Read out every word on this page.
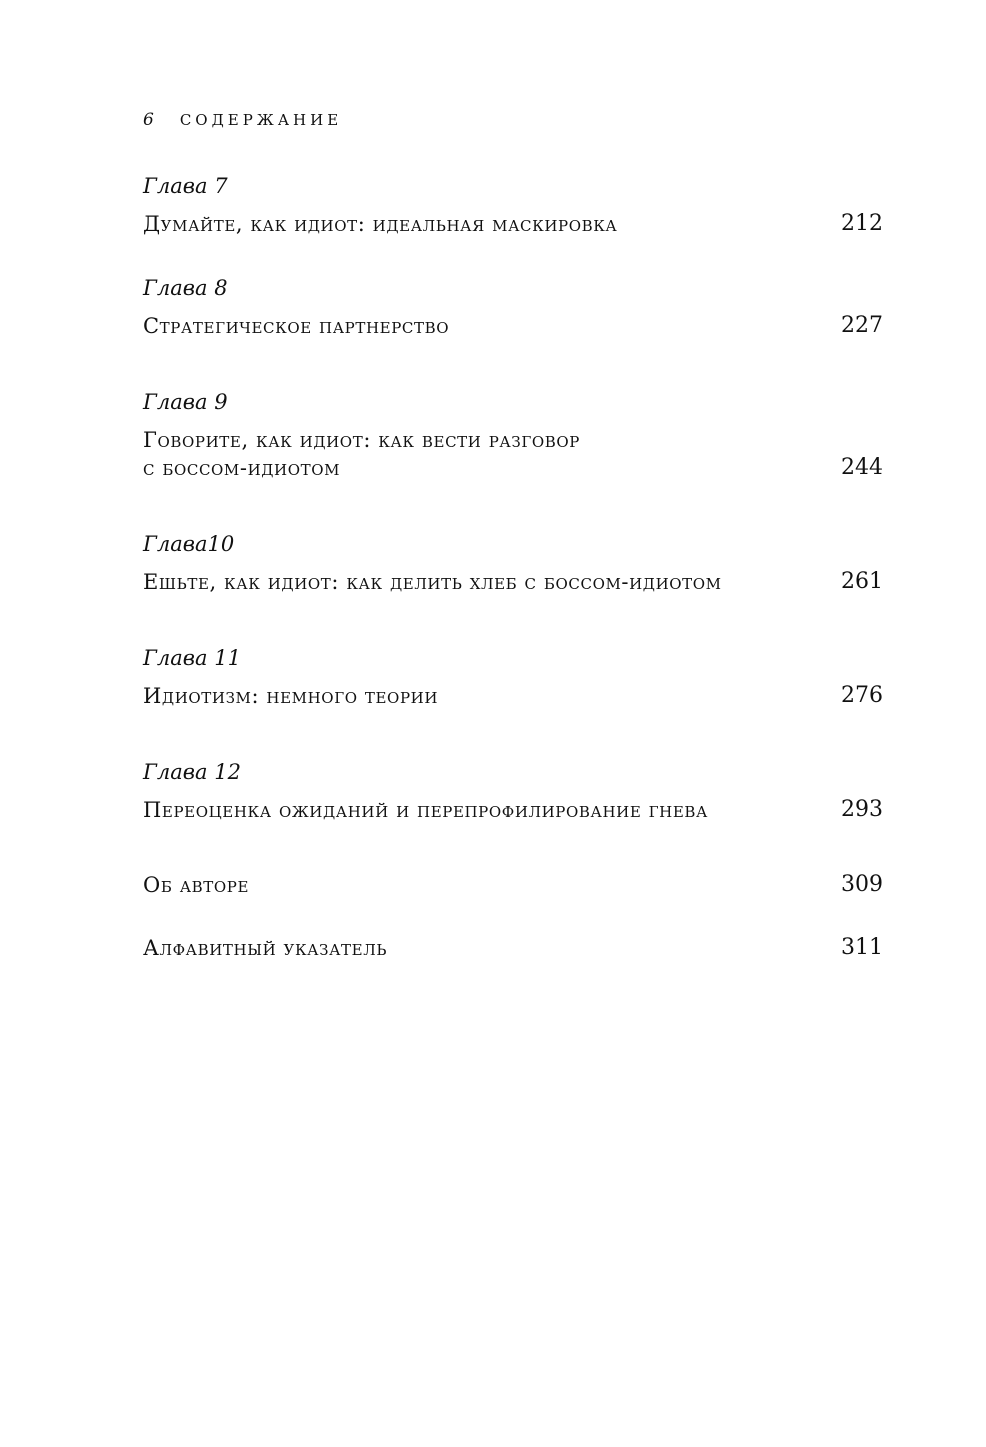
6 СОДЕРЖАНИЕ
Глава 7
Думайте, как идиот: идеальная маскировка	212
Глава 8
Стратегическое партнерство	227
Глава 9
Говорите, как идиот: как вести разговор
с боссом-идиотом	244
Глава10
Ешьте, как идиот: как делить хлеб с боссом-идиотом	261
Глава 11
Идиотизм: немного теории	276
Глава 12
Переоценка ожиданий и перепрофилирование гнева	293
Об авторе	309
Алфавитный указатель	311
